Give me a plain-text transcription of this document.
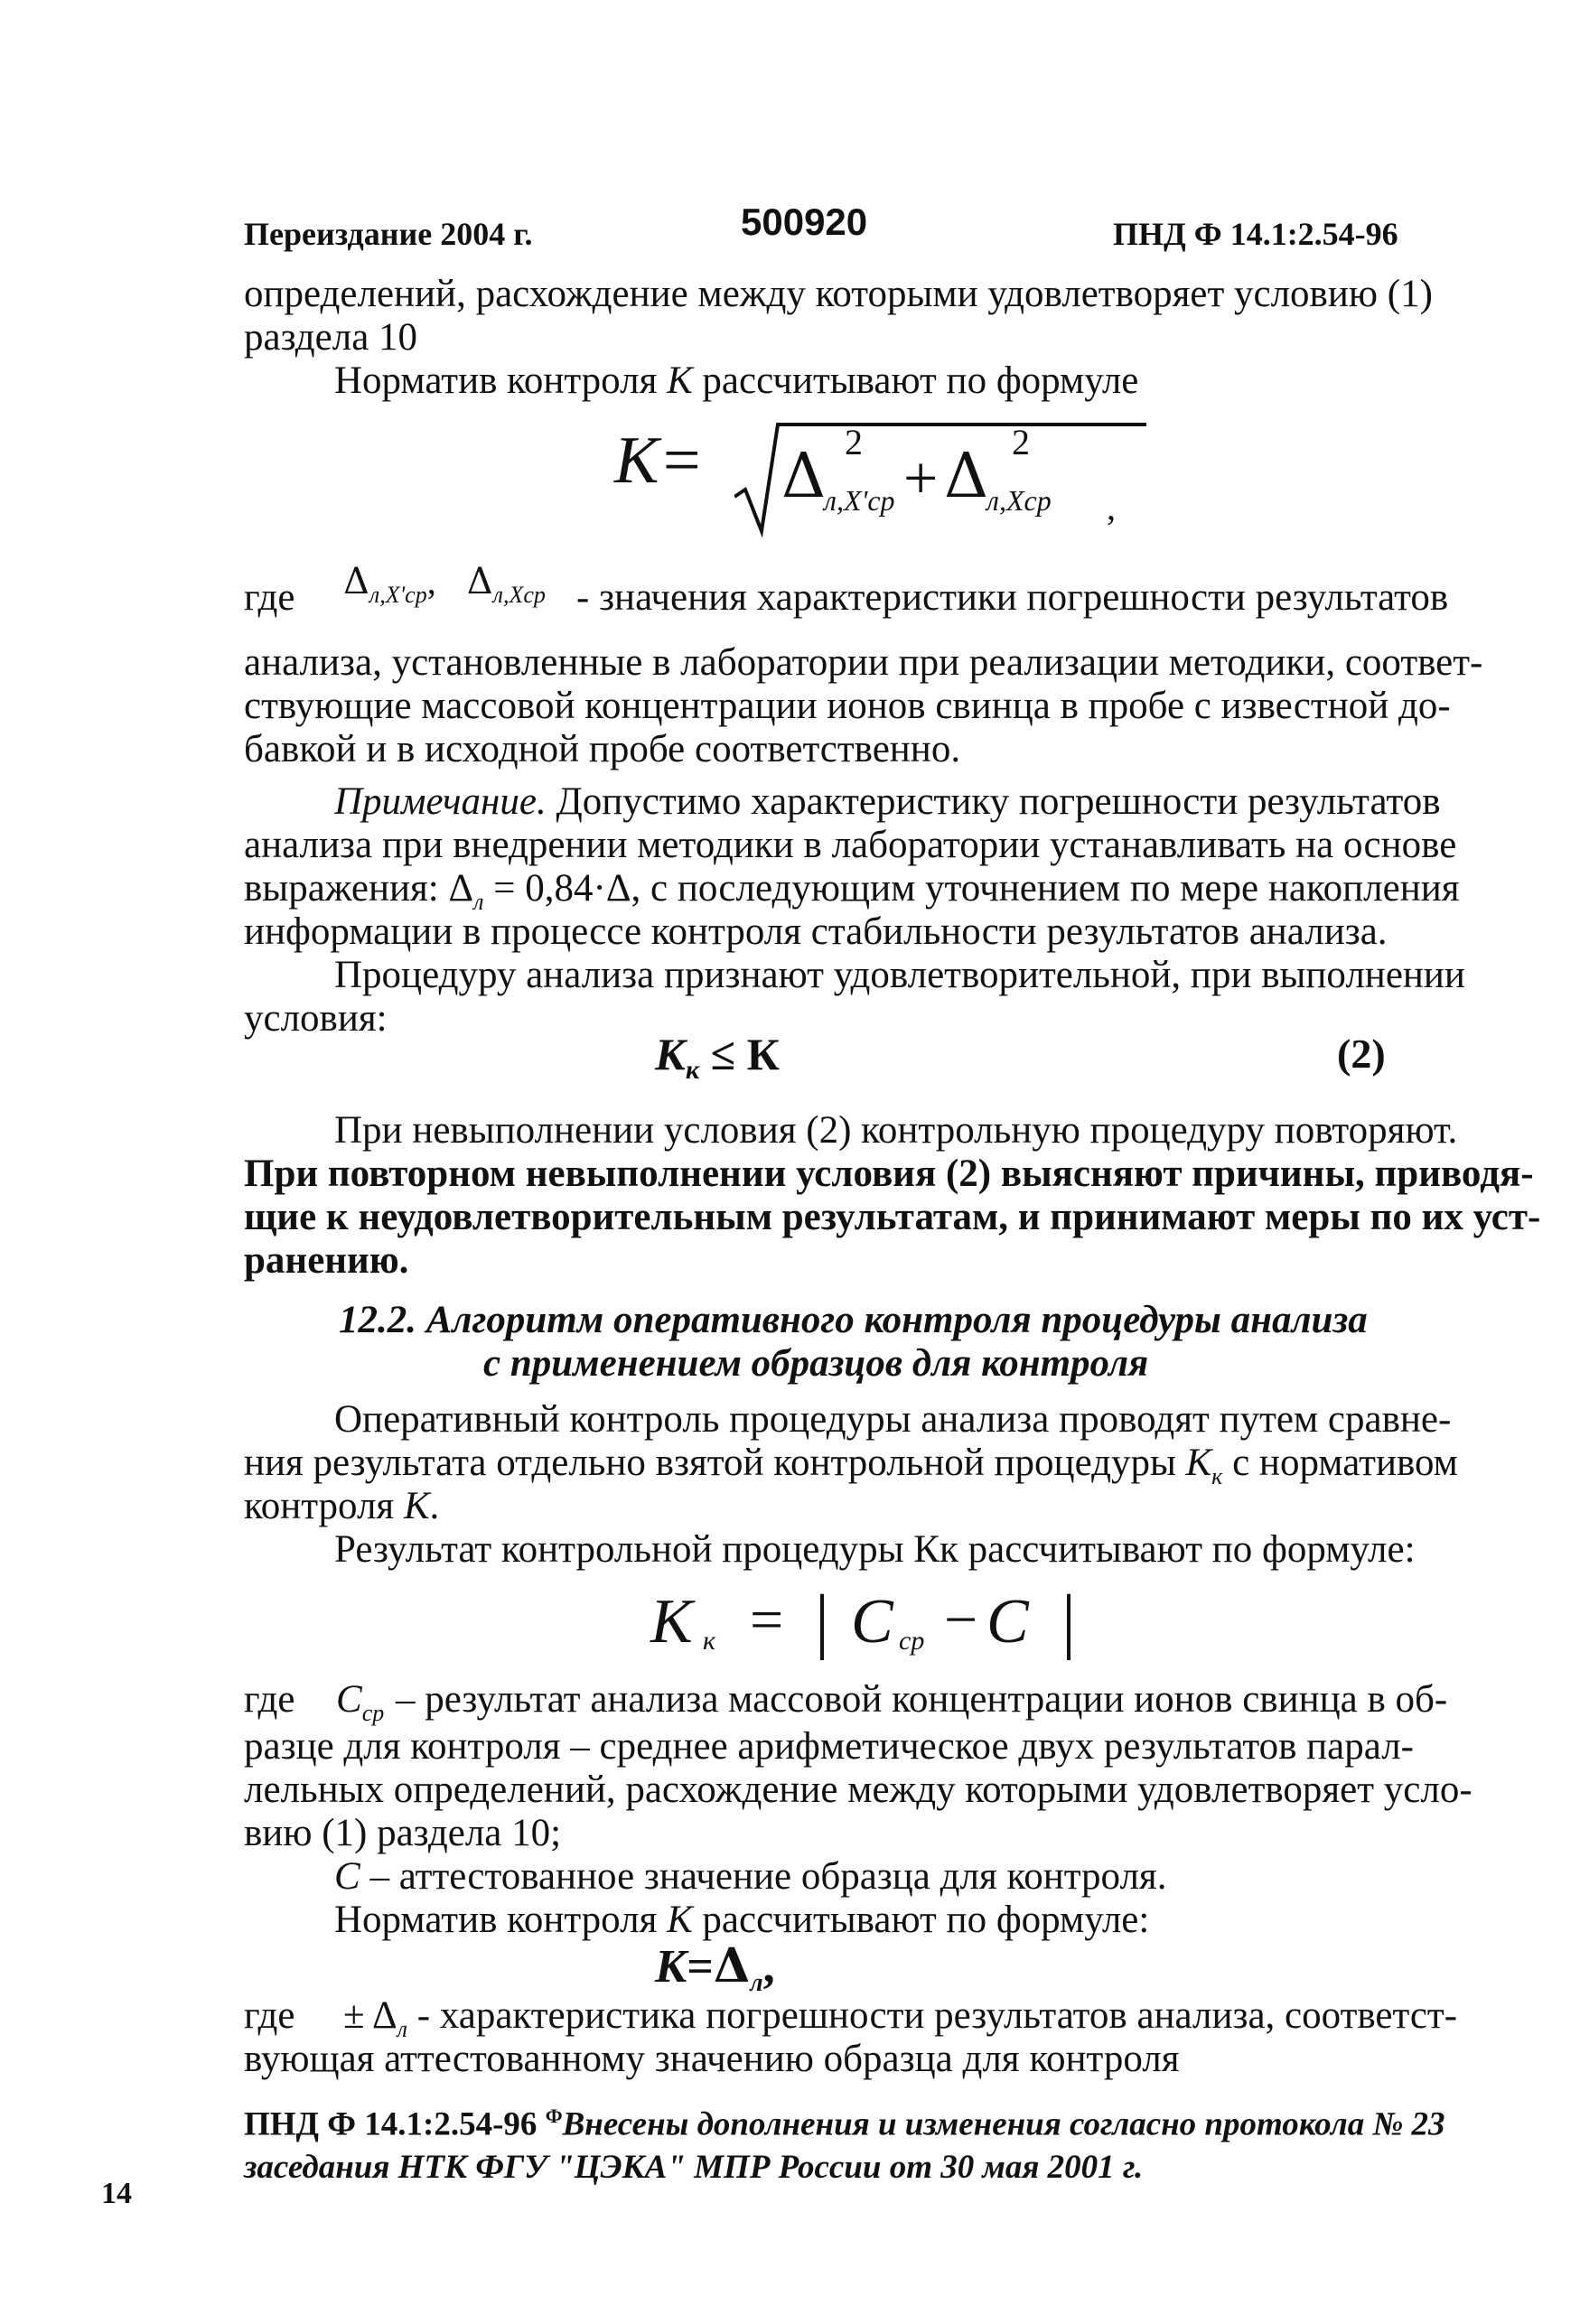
Переиздание 2004 г.	500920	ПНД Ф 14.1:2.54-96
определений, расхождение между которыми удовлетворяет условию (1)
раздела 10
Норматив контроля К рассчитывают по формуле
К= Δ 2
л,X'ср + Δ 2
л,Xср ,
где $\Delta_{л,X'ср}$, $\Delta_{л,Xср}$ - значения характеристики погрешности результатов
анализа, установленные в лаборатории при реализации методики, соответ-
ствующие массовой концентрации ионов свинца в пробе с известной до-
бавкой и в исходной пробе соответственно.
Примечание. Допустимо характеристику погрешности результатов
анализа при внедрении методики в лаборатории устанавливать на основе
выражения: $\Delta_л = 0,84\cdot\Delta$, с последующим уточнением по мере накопления
информации в процессе контроля стабильности результатов анализа.
Процедуру анализа признают удовлетворительной, при выполнении
условия:
$К_к \le К$	(2)
При невыполнении условия (2) контрольную процедуру повторяют.
При повторном невыполнении условия (2) выясняют причины, приводя-
щие к неудовлетворительным результатам, и принимают меры по их уст-
ранению.
12.2. Алгоритм оперативного контроля процедуры анализа
с применением образцов для контроля
Оперативный контроль процедуры анализа проводят путем сравне-
ния результата отдельно взятой контрольной процедуры $К_к$ с нормативом
контроля К.
Результат контрольной процедуры Кк рассчитывают по формуле:
К к = | С ср − С |
где $С_{ср}$ – результат анализа массовой концентрации ионов свинца в об-
разце для контроля – среднее арифметическое двух результатов парал-
лельных определений, расхождение между которыми удовлетворяет усло-
вию (1) раздела 10;
С – аттестованное значение образца для контроля.
Норматив контроля К рассчитывают по формуле:
$К=\Delta_л$,
где ± $\Delta_л$ - характеристика погрешности результатов анализа, соответст-
вующая аттестованному значению образца для контроля
ПНД Ф 14.1:2.54-96 $^Ф$Внесены дополнения и изменения согласно протокола № 23
заседания НТК ФГУ "ЦЭКА" МПР России от 30 мая 2001 г.
14
